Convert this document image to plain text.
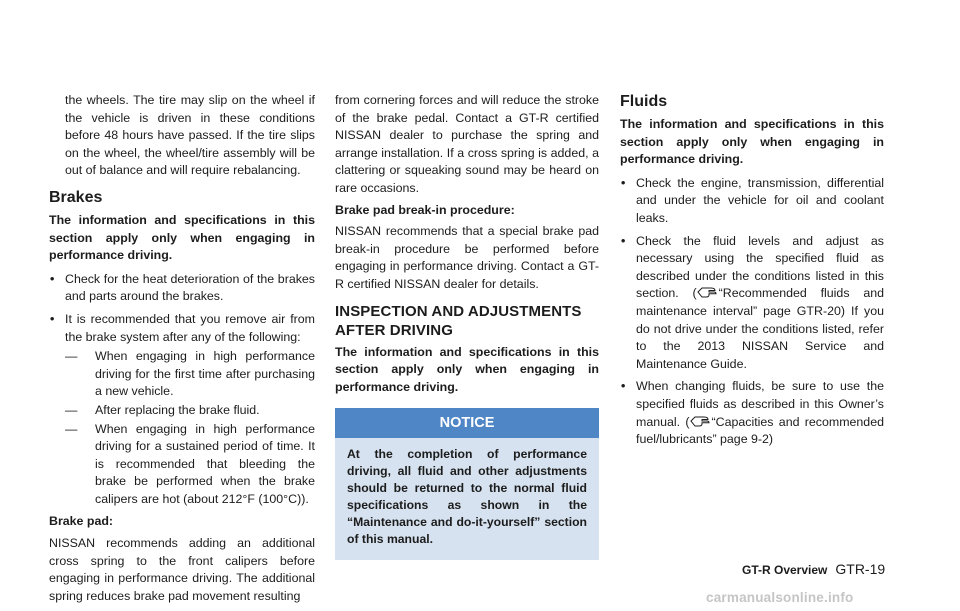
the wheels. The tire may slip on the wheel if the vehicle is driven in these conditions before 48 hours have passed. If the tire slips on the wheel, the wheel/tire assembly will be out of balance and will require rebalancing.

Brakes

The information and specifications in this section apply only when engaging in performance driving.

• Check for the heat deterioration of the brakes and parts around the brakes.
• It is recommended that you remove air from the brake system after any of the following:
—	When engaging in high performance driving for the first time after purchasing a new vehicle.
—	After replacing the brake fluid.
—	When engaging in high performance driving for a sustained period of time. It is recommended that bleeding the brake be performed when the brake calipers are hot (about 212°F (100°C)).

Brake pad:

NISSAN recommends adding an additional cross spring to the front calipers before engaging in performance driving. The additional spring reduces brake pad movement resulting

from cornering forces and will reduce the stroke of the brake pedal. Contact a GT-R certified NISSAN dealer to purchase the spring and arrange installation. If a cross spring is added, a clattering or squeaking sound may be heard on rare occasions.

Brake pad break-in procedure:

NISSAN recommends that a special brake pad break-in procedure be performed before engaging in performance driving. Contact a GT-R certified NISSAN dealer for details.

INSPECTION AND ADJUSTMENTS AFTER DRIVING

The information and specifications in this section apply only when engaging in performance driving.

NOTICE
At the completion of performance driving, all fluid and other adjustments should be returned to the normal fluid specifications as shown in the “Maintenance and do-it-yourself” section of this manual.
Fluids

The information and specifications in this section apply only when engaging in performance driving.

• Check the engine, transmission, differential and under the vehicle for oil and coolant leaks.
• Check the fluid levels and adjust as necessary using the specified fluid as described under the conditions listed in this section. ( “Recommended fluids and maintenance interval” page GTR-20) If you do not drive under the conditions listed, refer to the 2013 NISSAN Service and Maintenance Guide.
• When changing fluids, be sure to use the specified fluids as described in this Owner’s manual. ( “Capacities and recommended fuel/lubricants” page 9-2)
GT-R Overview GTR-19
carmanualsonline.info
